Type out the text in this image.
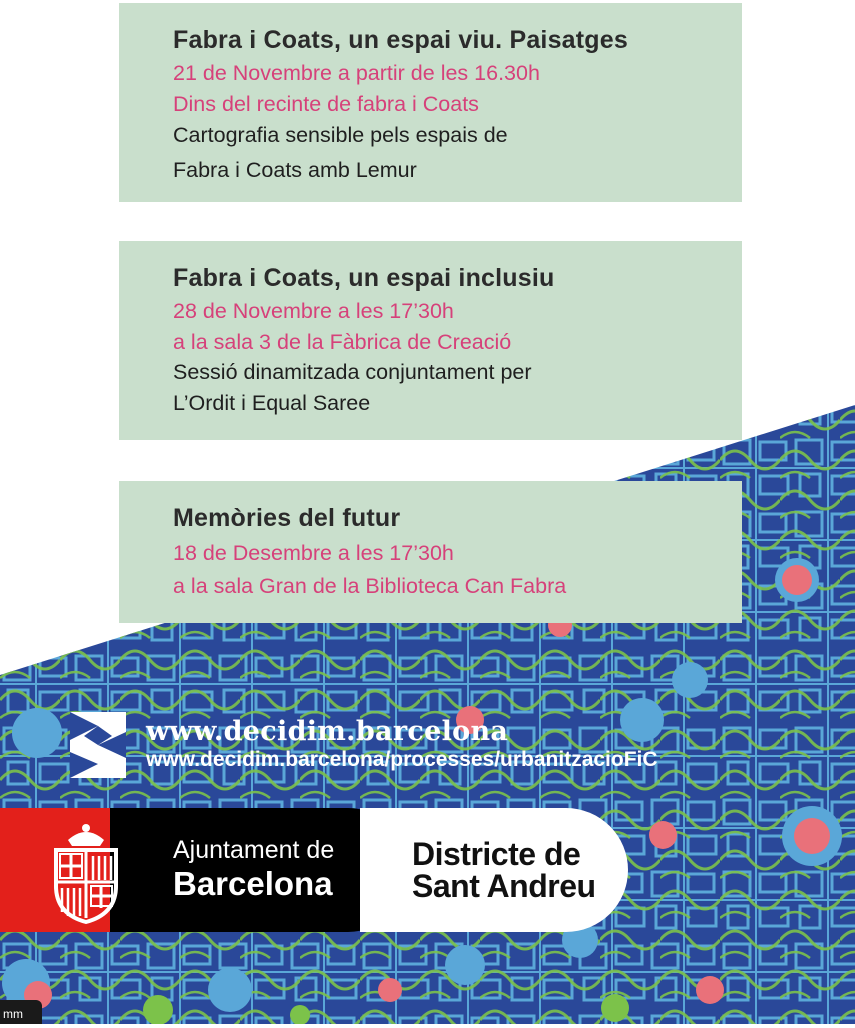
Fabra i Coats, un espai viu. Paisatges
21 de Novembre a partir de les 16.30h
Dins del recinte de fabra i Coats
Cartografia sensible pels espais de
Fabra i Coats amb Lemur
Fabra i Coats, un espai inclusiu
28 de Novembre a les 17’30h
a la sala 3 de la Fàbrica de Creació
Sessió dinamitzada conjuntament per
L’Ordit i Equal Saree
Memòries del futur
18 de Desembre a les 17’30h
a la sala Gran de la Biblioteca Can Fabra
www.decidim.barcelona
www.decidim.barcelona/processes/urbanitzacioFiC
Ajuntament de
Barcelona
Districte de
Sant Andreu
mm
